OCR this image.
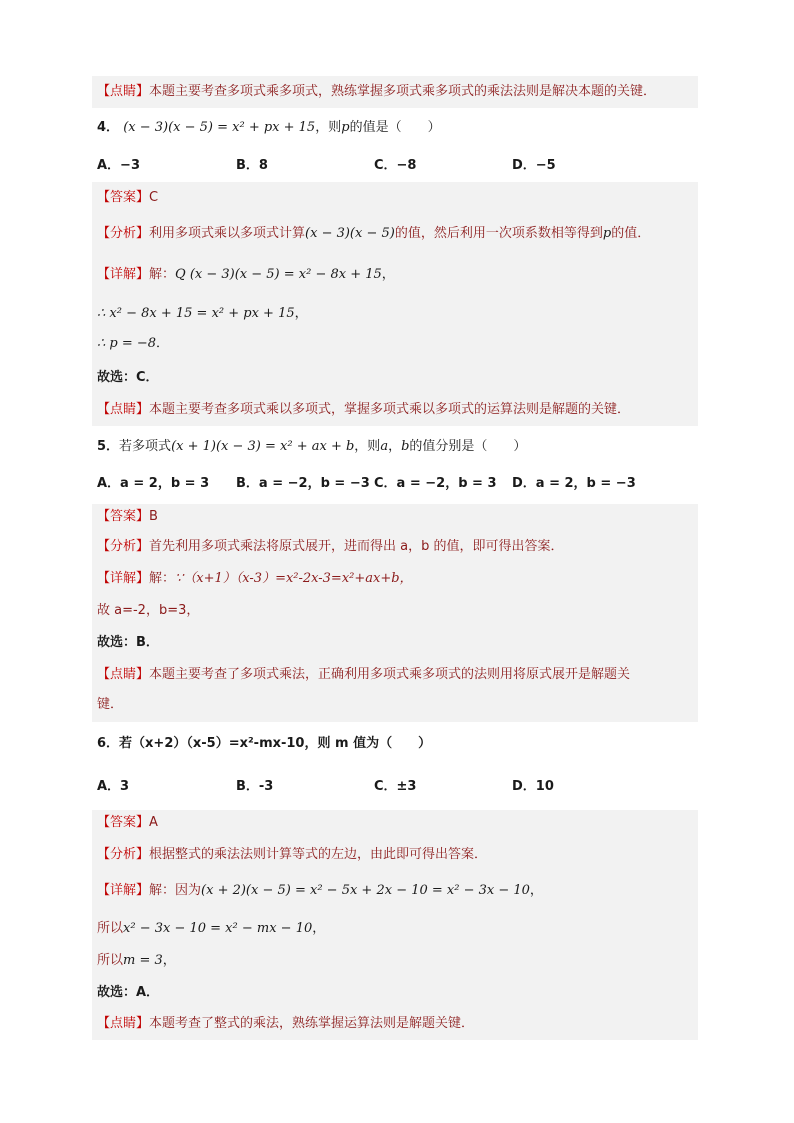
【点睛】本题主要考查多项式乘多项式，熟练掌握多项式乘多项式的乘法法则是解决本题的关键．
4． (x − 3)(x − 5) = x² + px + 15，则p的值是（　　）
A．−3	B．8	C．−8	D．−5
【答案】C
【分析】利用多项式乘以多项式计算(x − 3)(x − 5)的值，然后利用一次项系数相等得到p的值．
【详解】解：Q (x − 3)(x − 5) = x² − 8x + 15，
∴ x² − 8x + 15 = x² + px + 15，
∴ p = −8．
故选：C．
【点睛】本题主要考查多项式乘以多项式，掌握多项式乘以多项式的运算法则是解题的关键．
5．若多项式(x + 1)(x − 3) = x² + ax + b，则a，b的值分别是（　　）
A．a = 2，b = 3 B．a = −2，b = −3 C．a = −2，b = 3 D．a = 2，b = −3
【答案】B
【分析】首先利用多项式乘法将原式展开，进而得出 a，b 的值，即可得出答案．
【详解】解：∵（x+1）（x-3）=x²-2x-3=x²+ax+b，
故 a=-2，b=3，
故选：B．
【点睛】本题主要考查了多项式乘法，正确利用多项式乘多项式的法则用将原式展开是解题关
键．
6．若（x+2）（x-5）=x²-mx-10，则 m 值为（　　）
A．3	B．-3	C．±3	D．10
【答案】A
【分析】根据整式的乘法法则计算等式的左边，由此即可得出答案．
【详解】解：因为(x + 2)(x − 5) = x² − 5x + 2x − 10 = x² − 3x − 10，
所以x² − 3x − 10 = x² − mx − 10，
所以m = 3，
故选：A．
【点睛】本题考查了整式的乘法，熟练掌握运算法则是解题关键．
